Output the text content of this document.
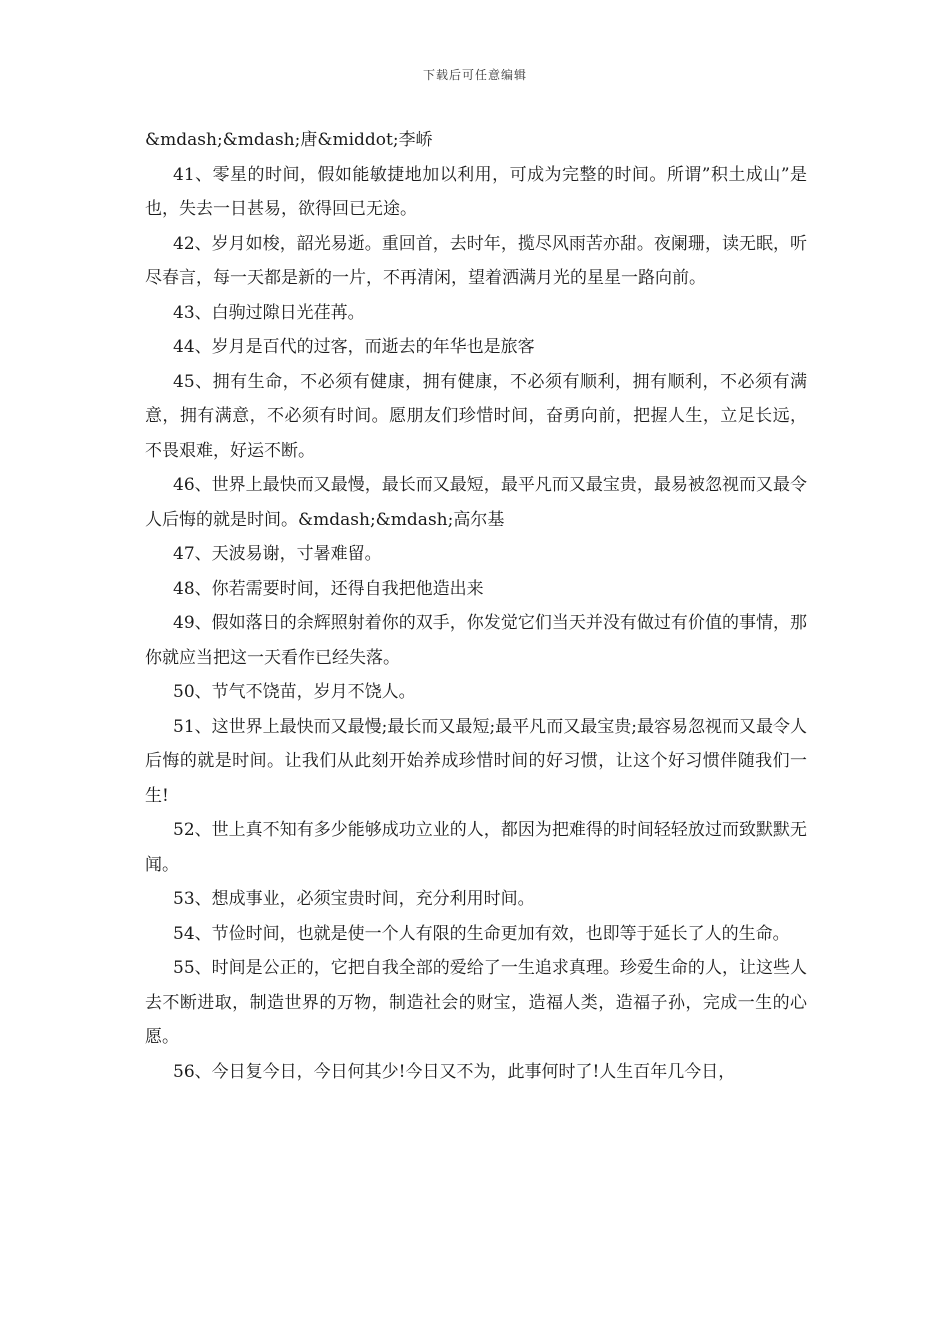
下载后可任意编辑

&mdash;&mdash;唐&middot;李峤

41、零星的时间，假如能敏捷地加以利用，可成为完整的时间。所谓”积土成山”是也，失去一日甚易，欲得回已无途。

42、岁月如梭，韶光易逝。重回首，去时年，揽尽风雨苦亦甜。夜阑珊，读无眠，听尽春言，每一天都是新的一片，不再清闲，望着洒满月光的星星一路向前。

43、白驹过隙日光荏苒。

44、岁月是百代的过客，而逝去的年华也是旅客

45、拥有生命，不必须有健康，拥有健康，不必须有顺利，拥有顺利，不必须有满意，拥有满意，不必须有时间。愿朋友们珍惜时间，奋勇向前，把握人生，立足长远，不畏艰难，好运不断。

46、世界上最快而又最慢，最长而又最短，最平凡而又最宝贵，最易被忽视而又最令人后悔的就是时间。&mdash;&mdash;高尔基

47、天波易谢，寸暑难留。

48、你若需要时间，还得自我把他造出来

49、假如落日的余辉照射着你的双手，你发觉它们当天并没有做过有价值的事情，那你就应当把这一天看作已经失落。

50、节气不饶苗，岁月不饶人。

51、这世界上最快而又最慢;最长而又最短;最平凡而又最宝贵;最容易忽视而又最令人后悔的就是时间。让我们从此刻开始养成珍惜时间的好习惯，让这个好习惯伴随我们一生!

52、世上真不知有多少能够成功立业的人，都因为把难得的时间轻轻放过而致默默无闻。

53、想成事业，必须宝贵时间，充分利用时间。

54、节俭时间，也就是使一个人有限的生命更加有效，也即等于延长了人的生命。

55、时间是公正的，它把自我全部的爱给了一生追求真理。珍爱生命的人，让这些人去不断进取，制造世界的万物，制造社会的财宝，造福人类，造福子孙，完成一生的心愿。

56、今日复今日，今日何其少!今日又不为，此事何时了!人生百年几今日，
